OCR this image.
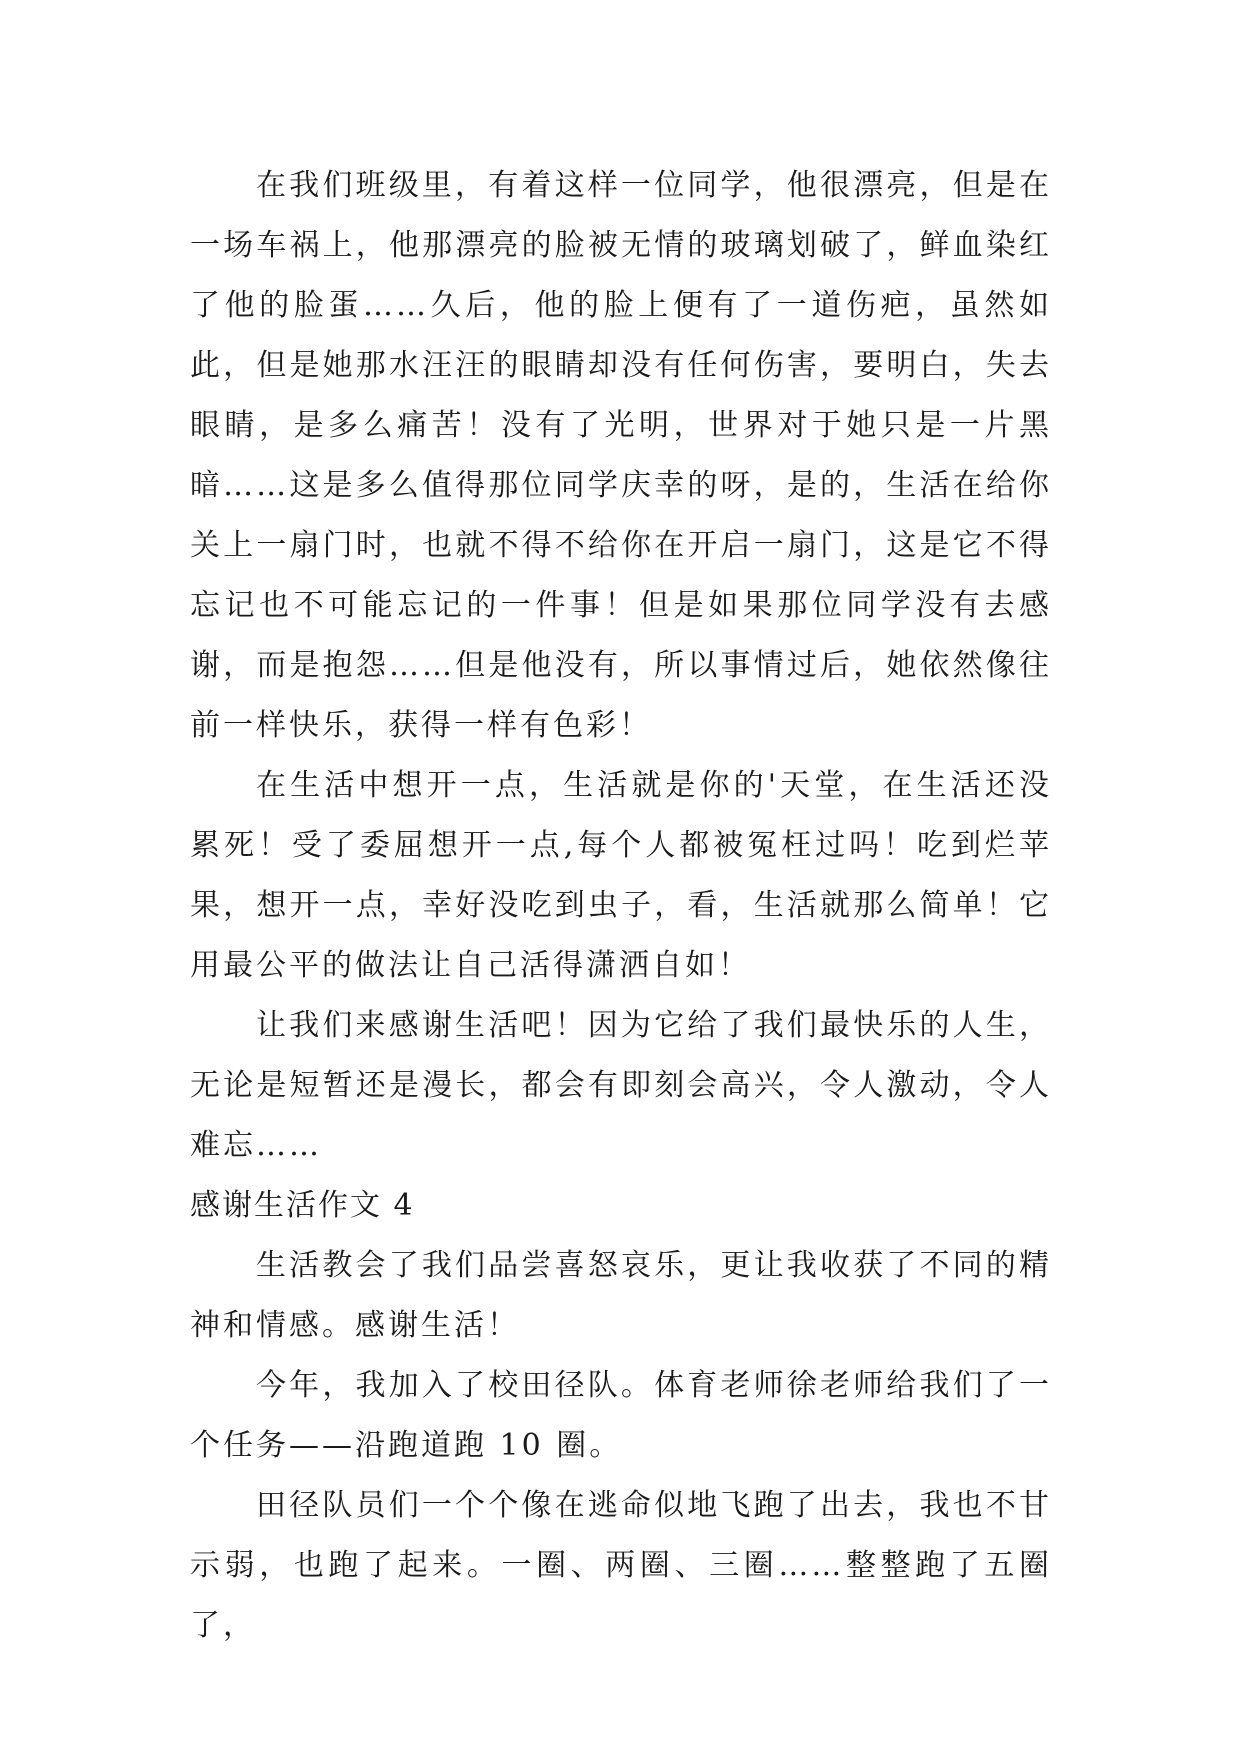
在我们班级里，有着这样一位同学，他很漂亮，但是在一场车祸上，他那漂亮的脸被无情的玻璃划破了，鲜血染红了他的脸蛋……久后，他的脸上便有了一道伤疤，虽然如此，但是她那水汪汪的眼睛却没有任何伤害，要明白，失去眼睛，是多么痛苦！没有了光明，世界对于她只是一片黑暗……这是多么值得那位同学庆幸的呀，是的，生活在给你关上一扇门时，也就不得不给你在开启一扇门，这是它不得忘记也不可能忘记的一件事！但是如果那位同学没有去感谢，而是抱怨……但是他没有，所以事情过后，她依然像往前一样快乐，获得一样有色彩！

在生活中想开一点，生活就是你的'天堂，在生活还没累死！受了委屈想开一点,每个人都被冤枉过吗！吃到烂苹果，想开一点，幸好没吃到虫子，看，生活就那么简单！它用最公平的做法让自己活得潇洒自如！

让我们来感谢生活吧！因为它给了我们最快乐的人生，无论是短暂还是漫长，都会有即刻会高兴，令人激动，令人难忘……

感谢生活作文 4

生活教会了我们品尝喜怒哀乐，更让我收获了不同的精神和情感。感谢生活！

今年，我加入了校田径队。体育老师徐老师给我们了一个任务——沿跑道跑 10 圈。

田径队员们一个个像在逃命似地飞跑了出去，我也不甘示弱，也跑了起来。一圈、两圈、三圈……整整跑了五圈了，
